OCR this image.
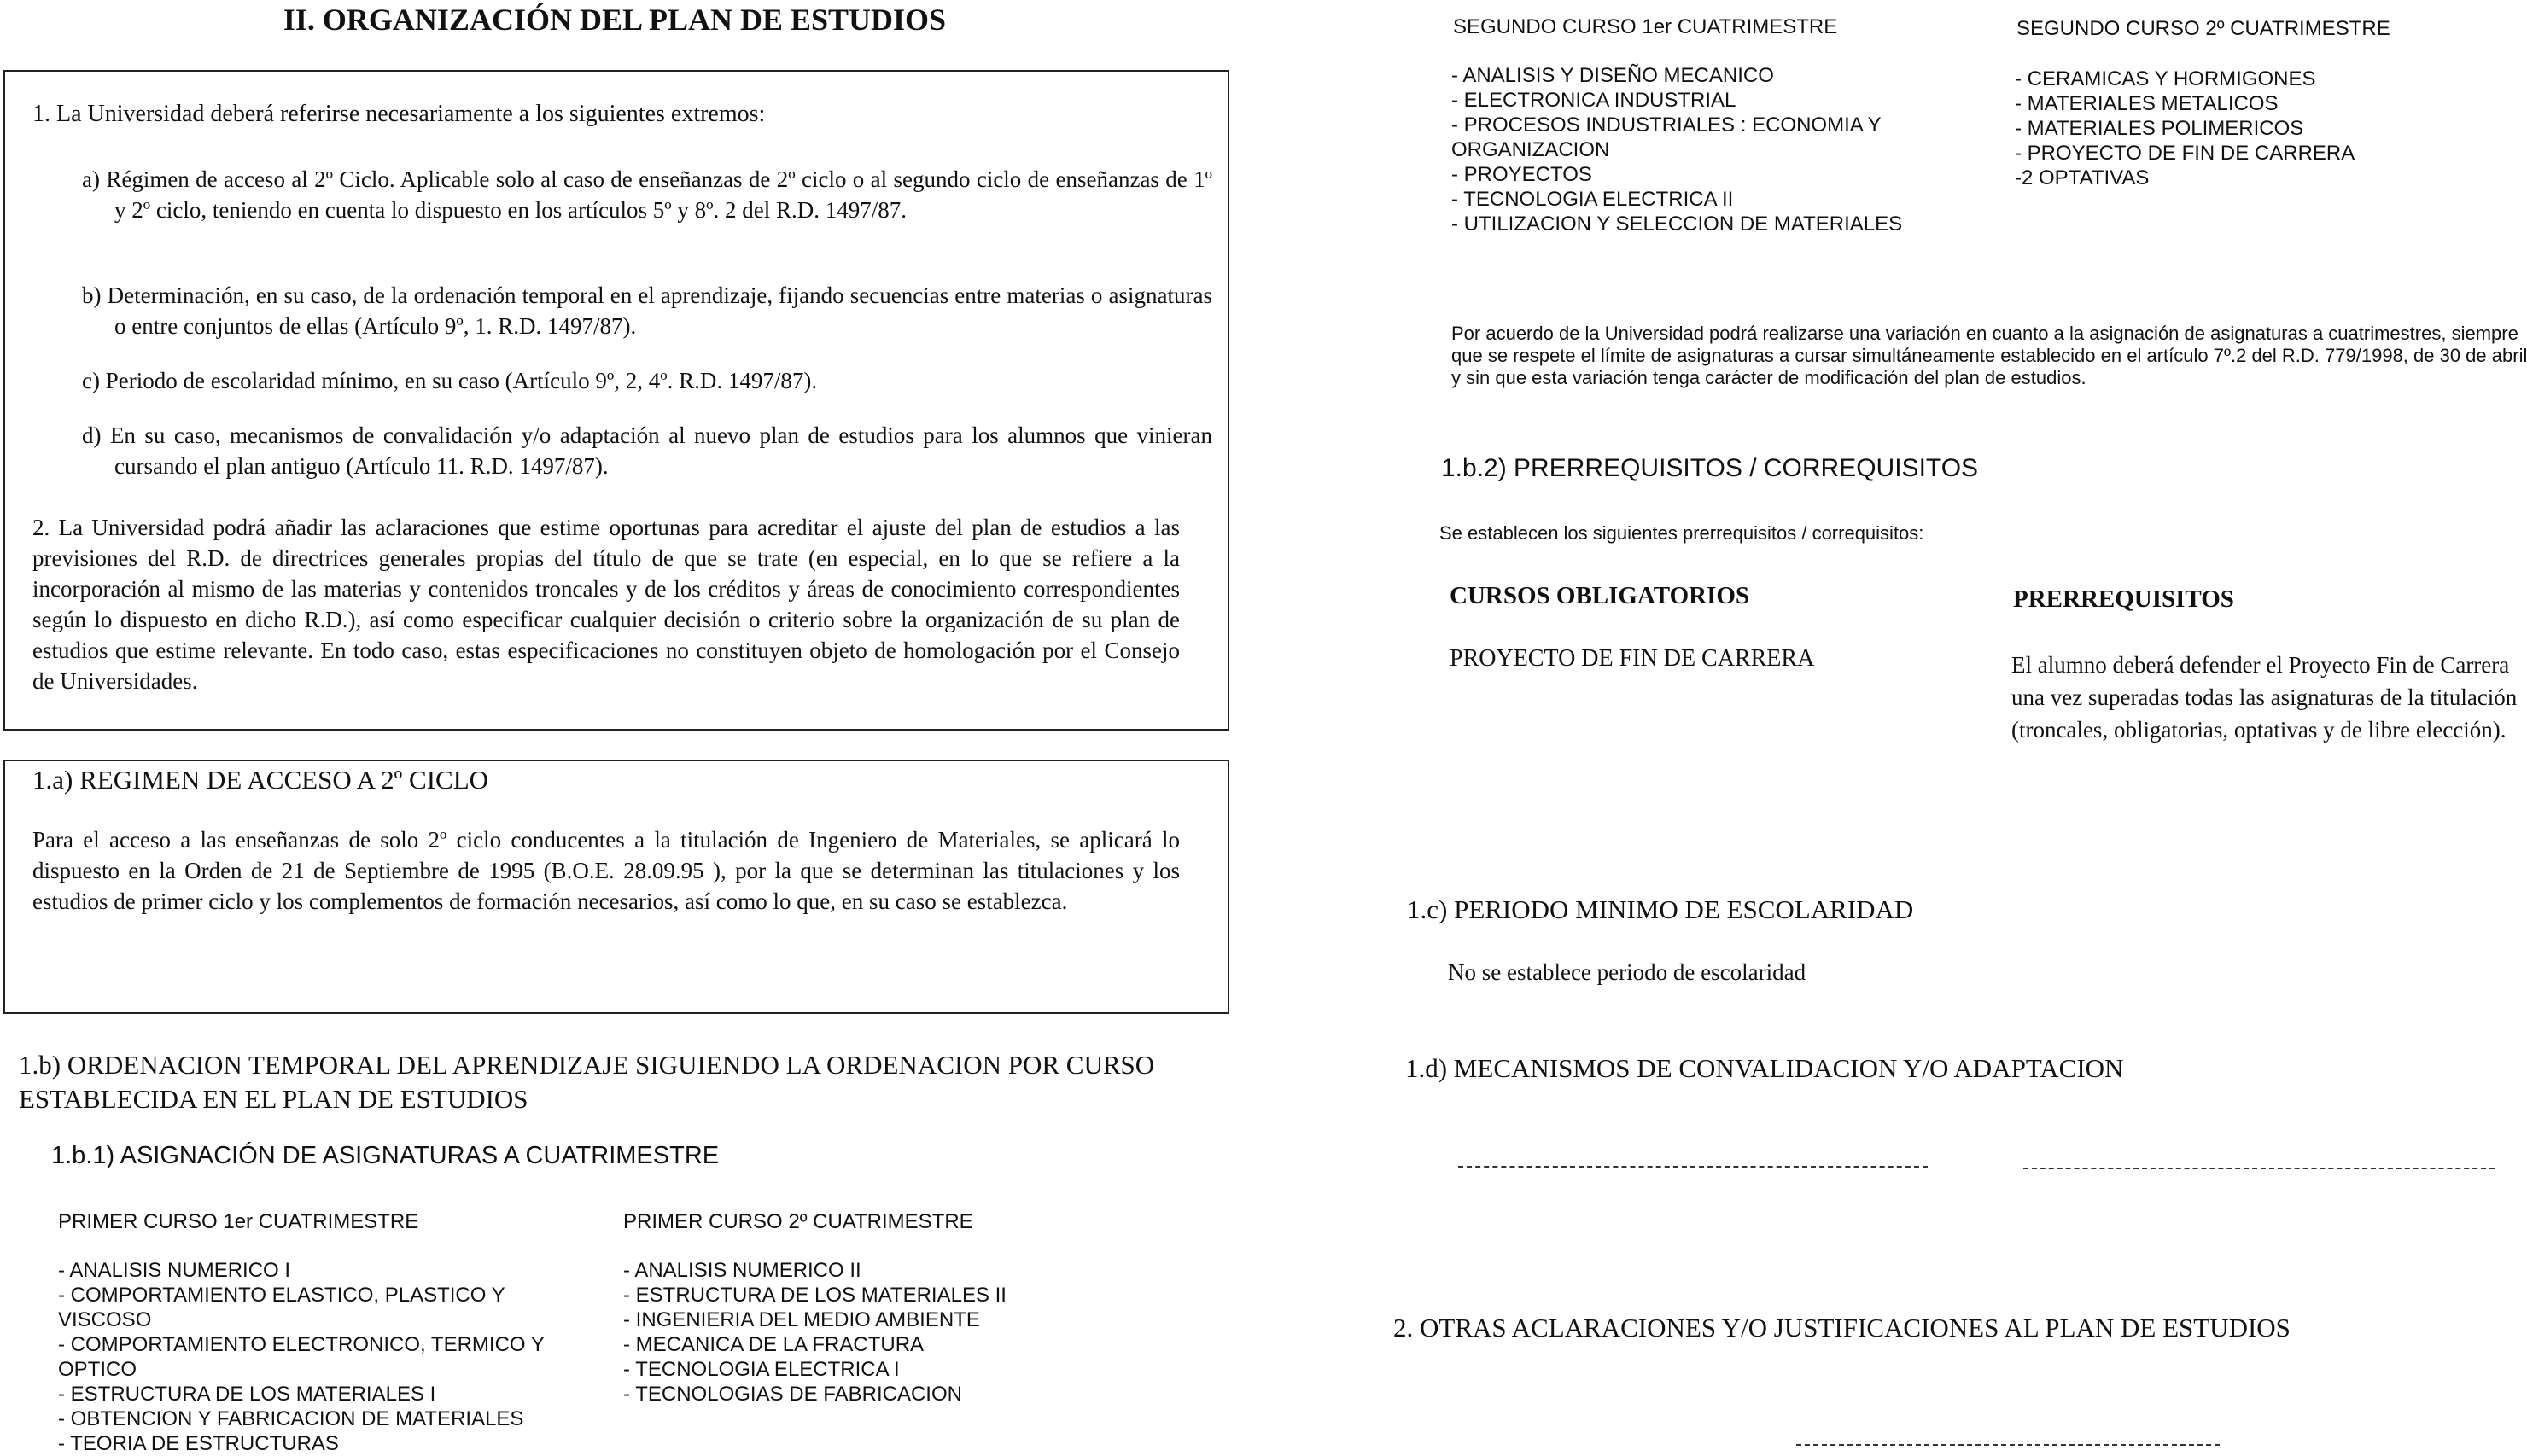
II. ORGANIZACIÓN DEL PLAN DE ESTUDIOS
1. La Universidad deberá referirse necesariamente a los siguientes extremos:
a) Régimen de acceso al 2º Ciclo. Aplicable solo al caso de enseñanzas de 2º ciclo o al segundo ciclo de enseñanzas de 1º y 2º ciclo, teniendo en cuenta lo dispuesto en los artículos 5º y 8º. 2 del R.D. 1497/87.
b) Determinación, en su caso, de la ordenación temporal en el aprendizaje, fijando secuencias entre materias o asignaturas o entre conjuntos de ellas (Artículo 9º, 1. R.D. 1497/87).
c) Periodo de escolaridad mínimo, en su caso (Artículo 9º, 2, 4º. R.D. 1497/87).
d) En su caso, mecanismos de convalidación y/o adaptación al nuevo plan de estudios para los alumnos que vinieran cursando el plan antiguo (Artículo 11. R.D. 1497/87).
2. La Universidad podrá añadir las aclaraciones que estime oportunas para acreditar el ajuste del plan de estudios a las previsiones del R.D. de directrices generales propias del título de que se trate (en especial, en lo que se refiere a la incorporación al mismo de las materias y contenidos troncales y de los créditos y áreas de conocimiento correspondientes según lo dispuesto en dicho R.D.), así como especificar cualquier decisión o criterio sobre la organización de su plan de estudios que estime relevante. En todo caso, estas especificaciones no constituyen objeto de homologación por el Consejo de Universidades.
1.a) REGIMEN DE ACCESO A 2º CICLO
Para el acceso a las enseñanzas de solo 2º ciclo conducentes a la titulación de Ingeniero de Materiales, se aplicará lo dispuesto en la Orden de 21 de Septiembre de 1995 (B.O.E. 28.09.95 ), por la que se determinan las titulaciones y los estudios de primer ciclo y los complementos de formación necesarios, así como lo que, en su caso se establezca.
1.b) ORDENACION TEMPORAL DEL APRENDIZAJE SIGUIENDO LA ORDENACION POR CURSO ESTABLECIDA EN EL PLAN DE ESTUDIOS
1.b.1) ASIGNACIÓN DE ASIGNATURAS A CUATRIMESTRE
PRIMER CURSO 1er CUATRIMESTRE
- ANALISIS NUMERICO I
- COMPORTAMIENTO ELASTICO, PLASTICO Y VISCOSO
- COMPORTAMIENTO ELECTRONICO, TERMICO Y OPTICO
- ESTRUCTURA DE LOS MATERIALES I
- OBTENCION Y FABRICACION DE MATERIALES
- TEORIA DE ESTRUCTURAS
PRIMER CURSO 2º CUATRIMESTRE
- ANALISIS NUMERICO II
- ESTRUCTURA DE LOS MATERIALES II
- INGENIERIA DEL MEDIO AMBIENTE
- MECANICA DE LA FRACTURA
- TECNOLOGIA ELECTRICA I
- TECNOLOGIAS DE FABRICACION
SEGUNDO CURSO 1er CUATRIMESTRE
- ANALISIS Y DISEÑO MECANICO
- ELECTRONICA INDUSTRIAL
- PROCESOS INDUSTRIALES : ECONOMIA Y ORGANIZACION
- PROYECTOS
- TECNOLOGIA ELECTRICA II
- UTILIZACION Y SELECCION DE MATERIALES
SEGUNDO CURSO 2º CUATRIMESTRE
- CERAMICAS Y HORMIGONES
- MATERIALES METALICOS
- MATERIALES POLIMERICOS
- PROYECTO DE FIN DE CARRERA
-2 OPTATIVAS
Por acuerdo de la Universidad podrá realizarse una variación en cuanto a la asignación de asignaturas a cuatrimestres, siempre que se respete el límite de asignaturas a cursar simultáneamente establecido en el artículo 7º.2 del R.D. 779/1998, de 30 de abril y sin que esta variación tenga carácter de modificación del plan de estudios.
1.b.2) PRERREQUISITOS / CORREQUISITOS
Se establecen los siguientes prerrequisitos / correquisitos:
CURSOS OBLIGATORIOS	PRERREQUISITOS
PROYECTO DE FIN DE CARRERA	El alumno deberá defender el Proyecto Fin de Carrera una vez superadas todas las asignaturas de la titulación (troncales, obligatorias, optativas y de libre elección).
1.c) PERIODO MINIMO DE ESCOLARIDAD
No se establece periodo de escolaridad
1.d) MECANISMOS DE CONVALIDACION Y/O ADAPTACION
2. OTRAS ACLARACIONES Y/O JUSTIFICACIONES AL PLAN DE ESTUDIOS
